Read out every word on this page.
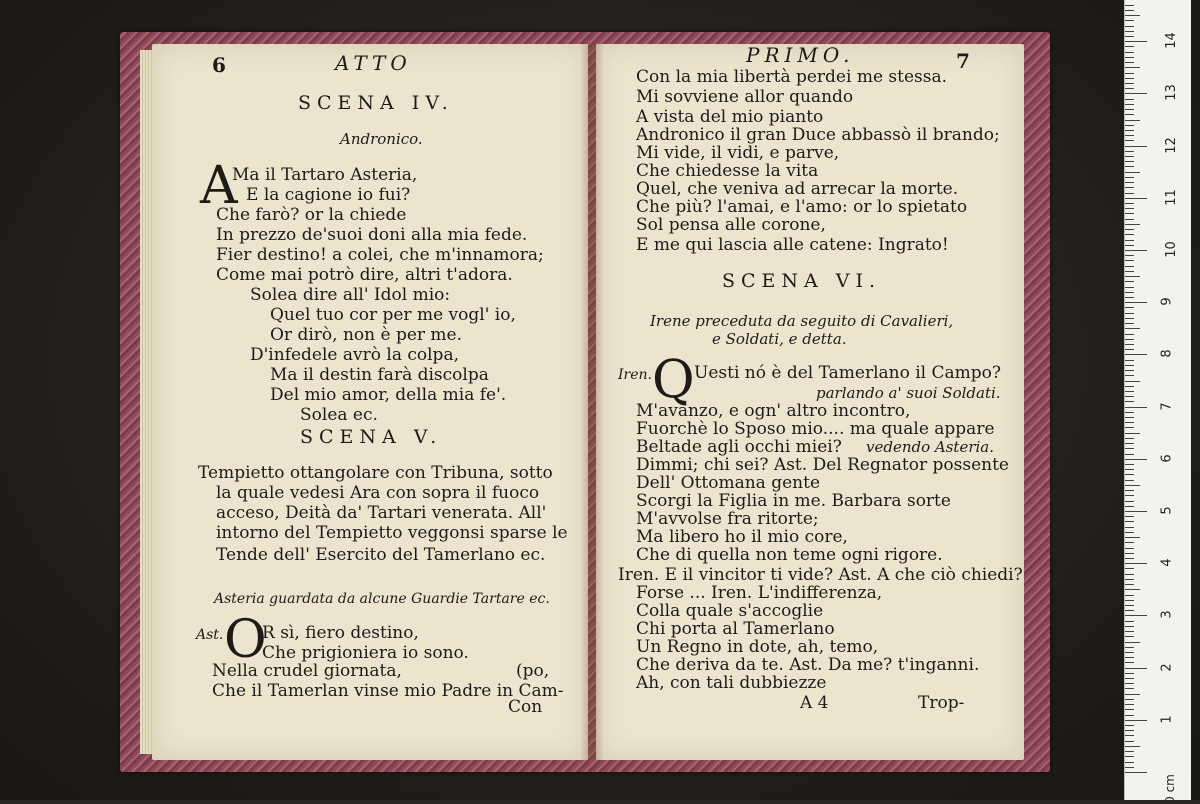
6	ATTO
SCENA IV.
Andronico.
A
Ma il Tartaro Asteria,
E la cagione io fui?
Che farò? or la chiede
In prezzo de'suoi doni alla mia fede.
Fier destino! a colei, che m'innamora;
Come mai potrò dire, altri t'adora.
Solea dire all' Idol mio:
Quel tuo cor per me vogl' io,
Or dirò, non è per me.
D'infedele avrò la colpa,
Ma il destin farà discolpa
Del mio amor, della mia fe'.
Solea ec.
SCENA V.
Tempietto ottangolare con Tribuna, sotto
la quale vedesi Ara con sopra il fuoco
acceso, Deità da' Tartari venerata. All'
intorno del Tempietto veggonsi sparse le
Tende dell' Esercito del Tamerlano ec.
Asteria guardata da alcune Guardie Tartare ec.
Ast. O
R sì, fiero destino,
Che prigioniera io sono.
Nella crudel giornata,	(po,
Che il Tamerlan vinse mio Padre in Cam-
Con
PRIMO.	7
Con la mia libertà perdei me stessa.
Mi sovviene allor quando
A vista del mio pianto
Andronico il gran Duce abbassò il brando;
Mi vide, il vidi, e parve,
Che chiedesse la vita
Quel, che veniva ad arrecar la morte.
Che più? l'amai, e l'amo: or lo spietato
Sol pensa alle corone,
E me qui lascia alle catene: Ingrato!
SCENA VI.
Irene preceduta da seguito di Cavalieri,
e Soldati, e detta.
Iren. Q Uesti nó è del Tamerlano il Campo?
parlando a' suoi Soldati.
M'avanzo, e ogn' altro incontro,
Fuorchè lo Sposo mio.... ma quale appare
Beltade agli occhi miei? vedendo Asteria.
Dimmi; chi sei? Ast. Del Regnator possente
Dell' Ottomana gente
Scorgi la Figlia in me. Barbara sorte
M'avvolse fra ritorte;
Ma libero ho il mio core,
Che di quella non teme ogni rigore.
Iren. E il vincitor ti vide? Ast. A che ciò chiedi?
Forse ... Iren. L'indifferenza,
Colla quale s'accoglie
Chi porta al Tamerlano
Un Regno in dote, ah, temo,
Che deriva da te. Ast. Da me? t'inganni.
Ah, con tali dubbiezze
A 4	Trop-
0 cm
1
2
3
4
5
6
7
8
9
10
11
12
13
14
